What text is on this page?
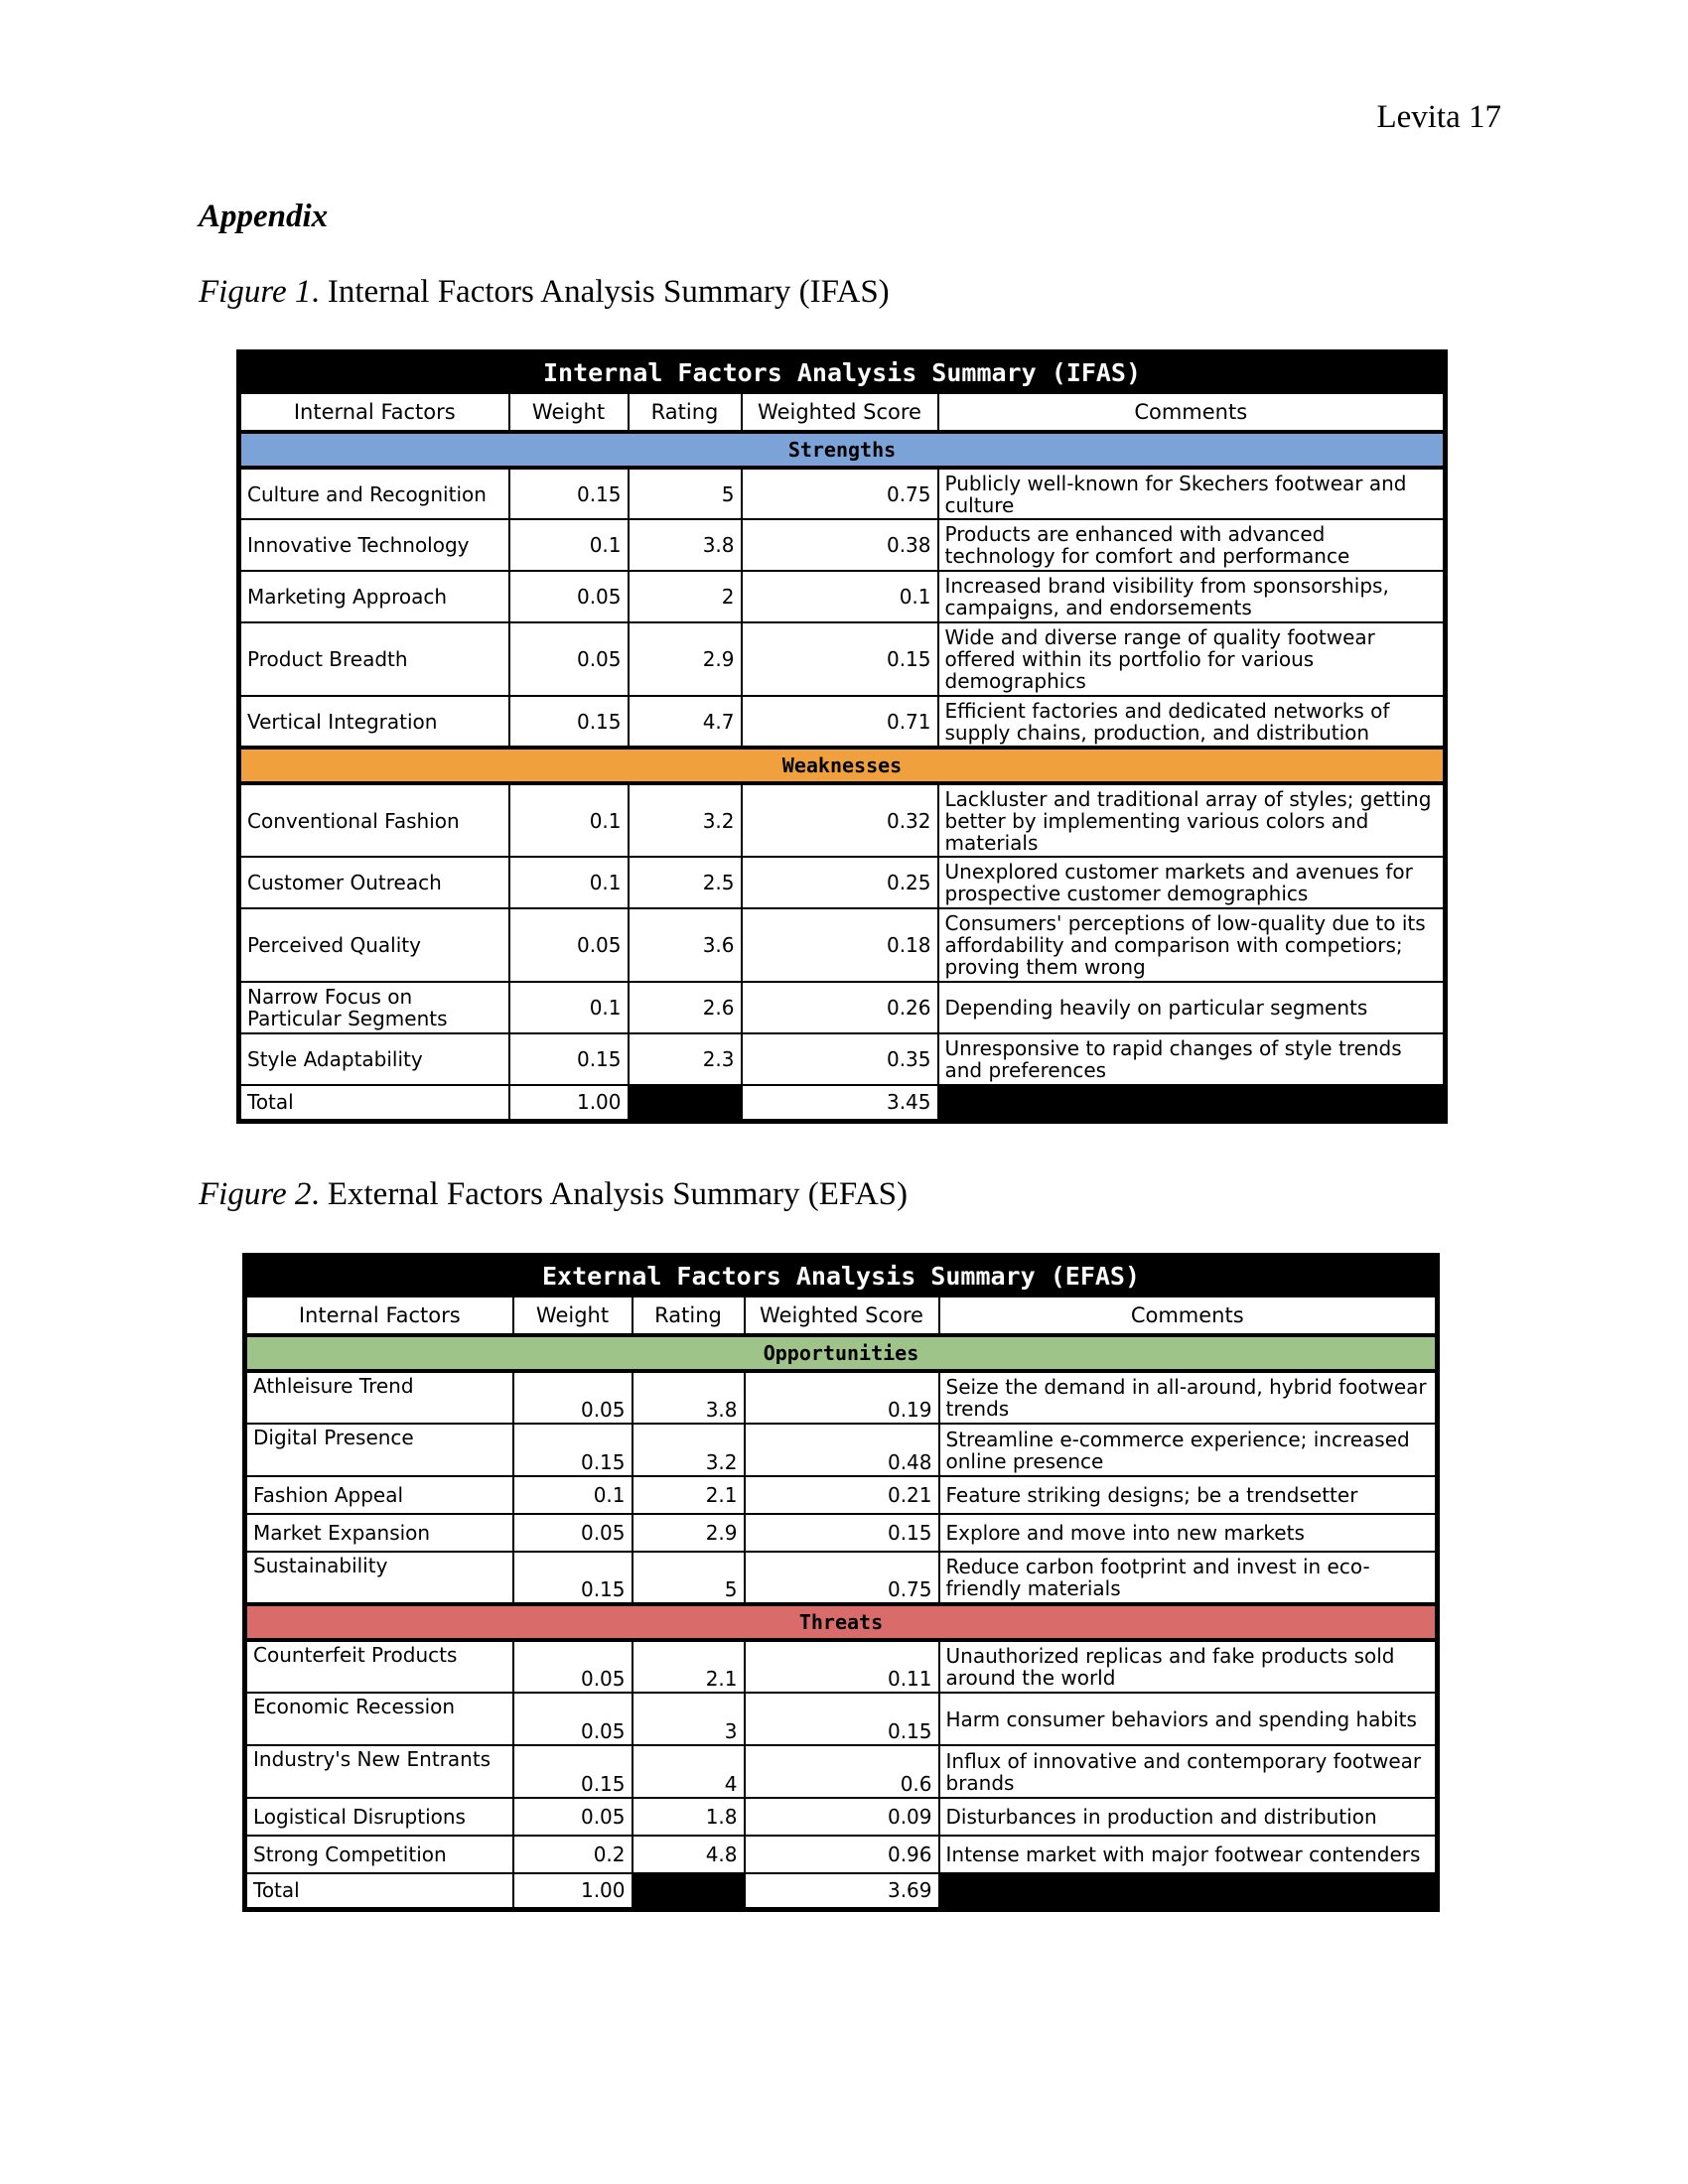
Levita 17
Appendix
Figure 1. Internal Factors Analysis Summary (IFAS)
Internal Factors Analysis Summary (IFAS)				
Internal Factors	Weight	Rating	Weighted Score	Comments
Strengths				
Culture and Recognition	0.15	5	0.75	Publicly well-known for Skechers footwear and culture
Innovative Technology	0.1	3.8	0.38	Products are enhanced with advanced technology for comfort and performance
Marketing Approach	0.05	2	0.1	Increased brand visibility from sponsorships, campaigns, and endorsements
Product Breadth	0.05	2.9	0.15	Wide and diverse range of quality footwear offered within its portfolio for various demographics
Vertical Integration	0.15	4.7	0.71	Efficient factories and dedicated networks of supply chains, production, and distribution
Weaknesses				
Conventional Fashion	0.1	3.2	0.32	Lackluster and traditional array of styles; getting better by implementing various colors and materials
Customer Outreach	0.1	2.5	0.25	Unexplored customer markets and avenues for prospective customer demographics
Perceived Quality	0.05	3.6	0.18	Consumers' perceptions of low-quality due to its affordability and comparison with competiors; proving them wrong
Narrow Focus on Particular Segments	0.1	2.6	0.26	Depending heavily on particular segments
Style Adaptability	0.15	2.3	0.35	Unresponsive to rapid changes of style trends and preferences
Total	1.00		3.45	
Figure 2. External Factors Analysis Summary (EFAS)
External Factors Analysis Summary (EFAS)				
Internal Factors	Weight	Rating	Weighted Score	Comments
Opportunities				
Athleisure Trend	0.05	3.8	0.19	Seize the demand in all-around, hybrid footwear trends
Digital Presence	0.15	3.2	0.48	Streamline e-commerce experience; increased online presence
Fashion Appeal	0.1	2.1	0.21	Feature striking designs; be a trendsetter
Market Expansion	0.05	2.9	0.15	Explore and move into new markets
Sustainability	0.15	5	0.75	Reduce carbon footprint and invest in eco-friendly materials
Threats				
Counterfeit Products	0.05	2.1	0.11	Unauthorized replicas and fake products sold around the world
Economic Recession	0.05	3	0.15	Harm consumer behaviors and spending habits
Industry's New Entrants	0.15	4	0.6	Influx of innovative and contemporary footwear brands
Logistical Disruptions	0.05	1.8	0.09	Disturbances in production and distribution
Strong Competition	0.2	4.8	0.96	Intense market with major footwear contenders
Total	1.00		3.69	
